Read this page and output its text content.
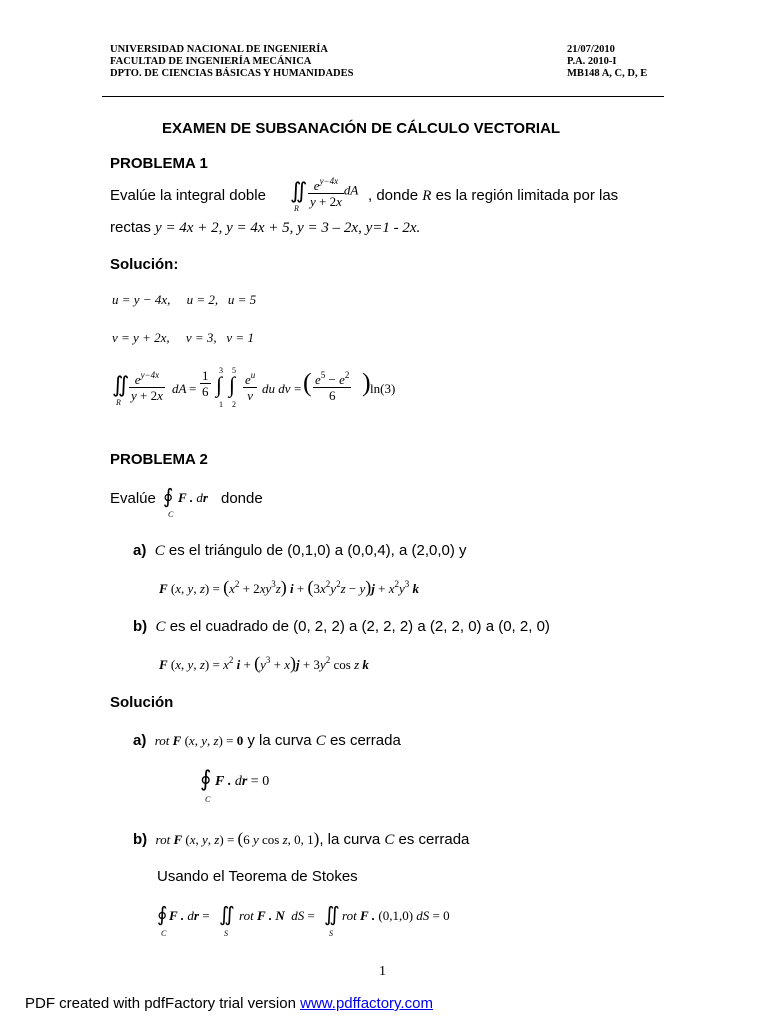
UNIVERSIDAD NACIONAL DE INGENIERÍA
FACULTAD DE INGENIERÍA MECÁNICA
DPTO. DE CIENCIAS BÁSICAS Y HUMANIDADES
21/07/2010
P.A. 2010-I
MB148 A, C, D, E
EXAMEN DE SUBSANACIÓN DE CÁLCULO VECTORIAL
PROBLEMA 1
Evalúe la integral doble ∬
R $\frac{e^{y-4x}}{y + 2x}$ dA , donde R es la región limitada por las
rectas y = 4x + 2, y = 4x + 5, y = 3 – 2x, y=1 - 2x.
Solución:
u = y − 4x,     u = 2,   u = 5
v = y + 2x,     v = 3,   v = 1
∬
R $\frac{e^{y-4x}}{y + 2x}$ dA = $\frac{1}{6} 3$
∫
1
5
∫
2
$\frac{e^u}{v}$ du dv = ( $\frac{e^5 - e^2}{6}$ ) ln(3)
PROBLEMA 2
Evalúe ∮
C
F . dr donde
a) C es el triángulo de (0,1,0) a (0,0,4), a (2,0,0) y
F (x, y, $z) = (x^2 + 2xy^3z) i + (3x^2y^2z - y)j + x^2y^3$ k
b) C es el cuadrado de (0, 2, 2) a (2, 2, 2) a (2, 2, 0) a (0, 2, 0)
F (x, y, $z) = x^2$ $i + (y^3 + x)j + 3y^2$ cos z k
Solución
a) rot F (x, y, z) = 0 y la curva C es cerrada
∮
C
F . dr = 0
b) rot F (x, y, z) = (6 y cos z, 0, 1), la curva C es cerrada
Usando el Teorema de Stokes
∮
C
F . dr = ∬
S
rot F . N dS = ∬
S
rot F . (0,1,0) dS = 0
1
PDF created with pdfFactory trial version www.pdffactory.com
